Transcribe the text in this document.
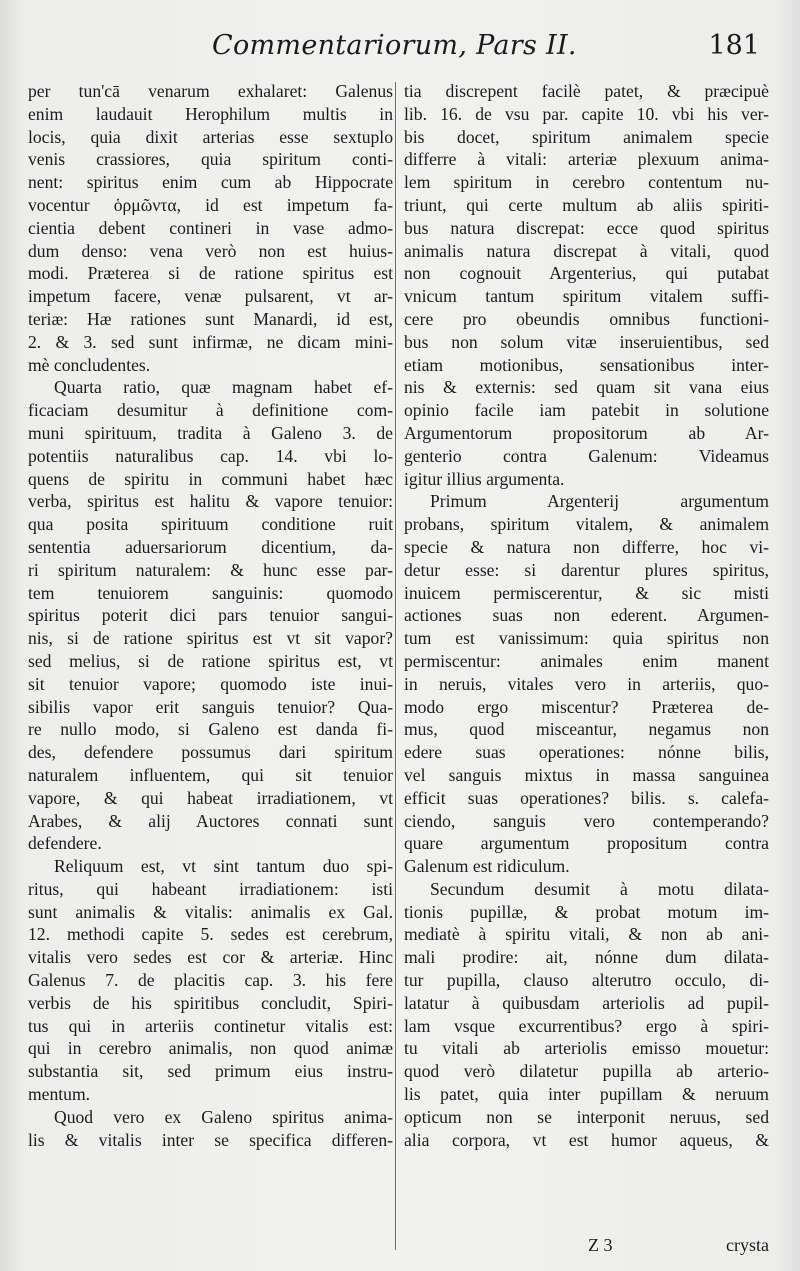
Commentariorum, Pars II.	181
per tun'cā venarum exhalaret: Galenus
enim laudauit Herophilum multis in
locis, quia dixit arterias esse sextuplo
venis crassiores, quia spiritum conti-
nent: spiritus enim cum ab Hippocrate
vocentur ὁρμῶντα, id est impetum fa-
cientia debent contineri in vase admo-
dum denso: vena verò non est huius-
modi. Præterea si de ratione spiritus est
impetum facere, venæ pulsarent, vt ar-
teriæ: Hæ rationes sunt Manardi, id est,
2. & 3. sed sunt infirmæ, ne dicam mini-
mè concludentes.
Quarta ratio, quæ magnam habet ef-
ficaciam desumitur à definitione com-
muni spirituum, tradita à Galeno 3. de
potentiis naturalibus cap. 14. vbi lo-
quens de spiritu in communi habet hæc
verba, spiritus est halitu & vapore tenuior:
qua posita spirituum conditione ruit
sententia aduersariorum dicentium, da-
ri spiritum naturalem: & hunc esse par-
tem tenuiorem sanguinis: quomodo
spiritus poterit dici pars tenuior sangui-
nis, si de ratione spiritus est vt sit vapor?
sed melius, si de ratione spiritus est, vt
sit tenuior vapore; quomodo iste inui-
sibilis vapor erit sanguis tenuior? Qua-
re nullo modo, si Galeno est danda fi-
des, defendere possumus dari spiritum
naturalem influentem, qui sit tenuior
vapore, & qui habeat irradiationem, vt
Arabes, & alij Auctores connati sunt
defendere.
Reliquum est, vt sint tantum duo spi-
ritus, qui habeant irradiationem: isti
sunt animalis & vitalis: animalis ex Gal.
12. methodi capite 5. sedes est cerebrum,
vitalis vero sedes est cor & arteriæ. Hinc
Galenus 7. de placitis cap. 3. his fere
verbis de his spiritibus concludit, Spiri-
tus qui in arteriis continetur vitalis est:
qui in cerebro animalis, non quod animæ
substantia sit, sed primum eius instru-
mentum.
Quod vero ex Galeno spiritus anima-
lis & vitalis inter se specifica differen-
tia discrepent facilè patet, & præcipuè
lib. 16. de vsu par. capite 10. vbi his ver-
bis docet, spiritum animalem specie
differre à vitali: arteriæ plexuum anima-
lem spiritum in cerebro contentum nu-
triunt, qui certe multum ab aliis spiriti-
bus natura discrepat: ecce quod spiritus
animalis natura discrepat à vitali, quod
non cognouit Argenterius, qui putabat
vnicum tantum spiritum vitalem suffi-
cere pro obeundis omnibus functioni-
bus non solum vitæ inseruientibus, sed
etiam motionibus, sensationibus inter-
nis & externis: sed quam sit vana eius
opinio facile iam patebit in solutione
Argumentorum propositorum ab Ar-
genterio contra Galenum: Videamus
igitur illius argumenta.
Primum Argenterij argumentum
probans, spiritum vitalem, & animalem
specie & natura non differre, hoc vi-
detur esse: si darentur plures spiritus,
inuicem permiscerentur, & sic misti
actiones suas non ederent. Argumen-
tum est vanissimum: quia spiritus non
permiscentur: animales enim manent
in neruis, vitales vero in arteriis, quo-
modo ergo miscentur? Præterea de-
mus, quod misceantur, negamus non
edere suas operationes: nónne bilis,
vel sanguis mixtus in massa sanguinea
efficit suas operationes? bilis. s. calefa-
ciendo, sanguis vero contemperando?
quare argumentum propositum contra
Galenum est ridiculum.
Secundum desumit à motu dilata-
tionis pupillæ, & probat motum im-
mediatè à spiritu vitali, & non ab ani-
mali prodire: ait, nónne dum dilata-
tur pupilla, clauso alterutro occulo, di-
latatur à quibusdam arteriolis ad pupil-
lam vsque excurrentibus? ergo à spiri-
tu vitali ab arteriolis emisso mouetur:
quod verò dilatetur pupilla ab arterio-
lis patet, quia inter pupillam & neruum
opticum non se interponit neruus, sed
alia corpora, vt est humor aqueus, &
Z 3	crysta
